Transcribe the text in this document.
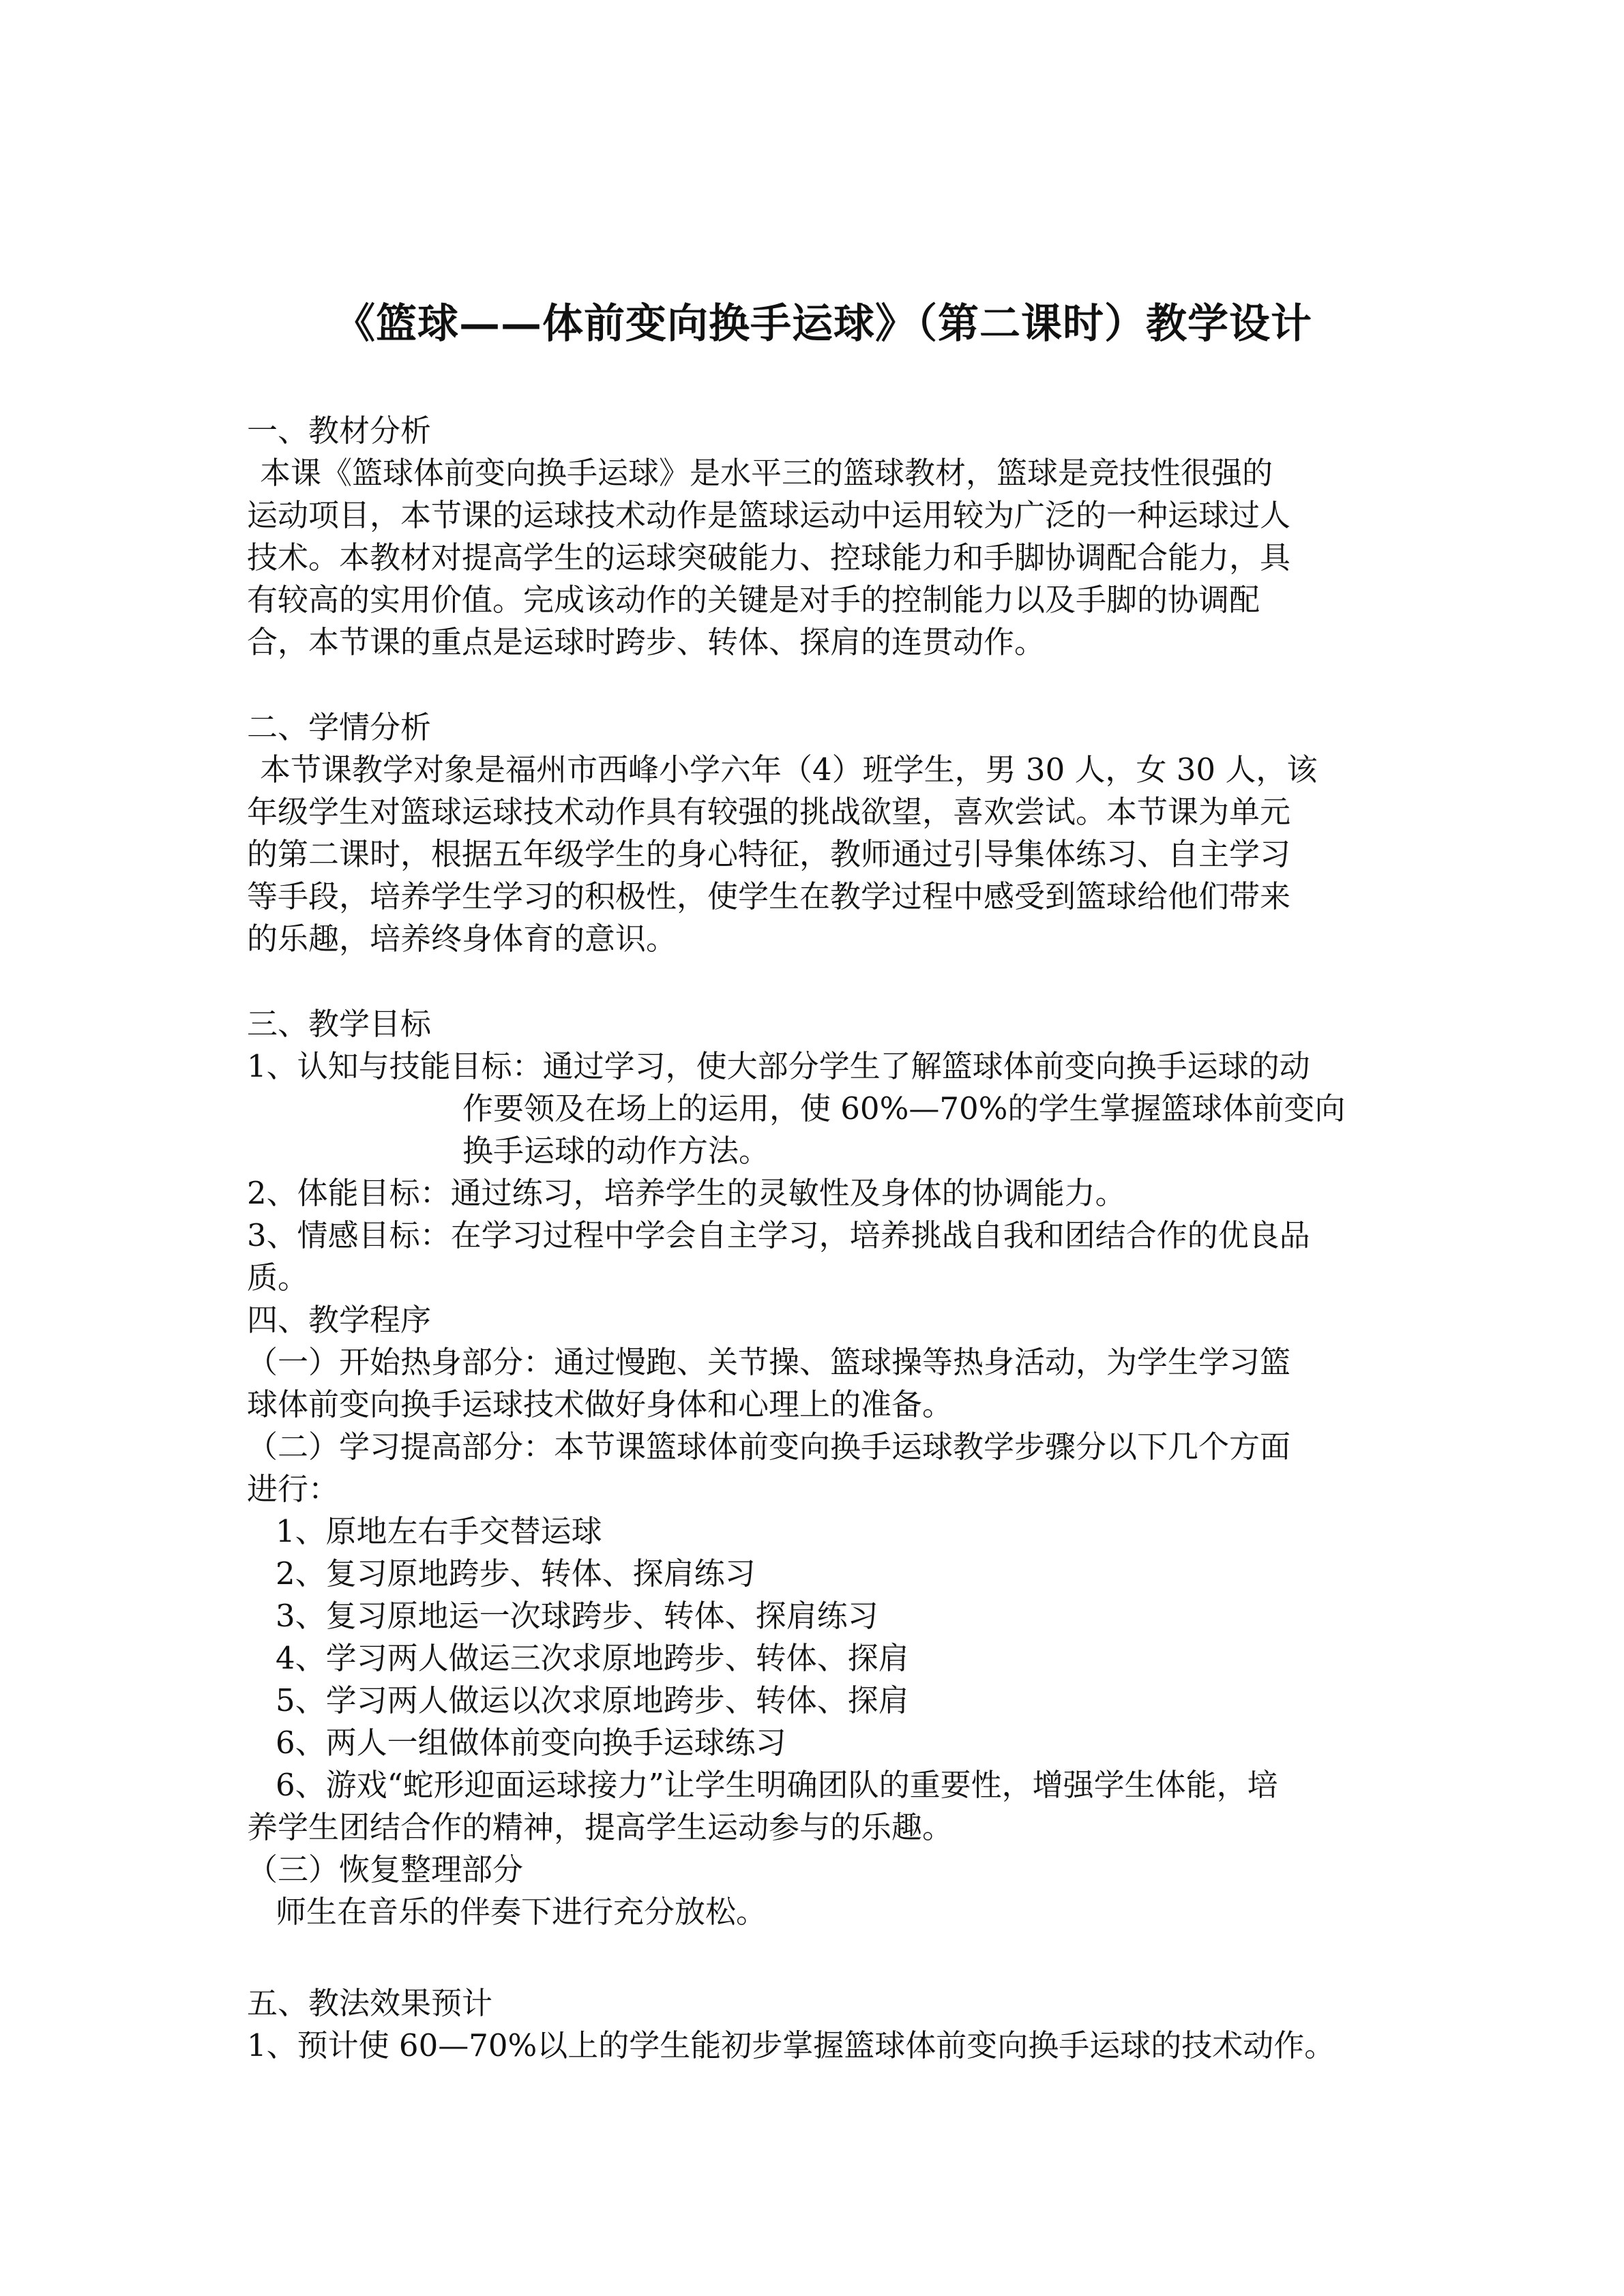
《篮球——体前变向换手运球》（第二课时）教学设计
一、教材分析
本课《篮球体前变向换手运球》是水平三的篮球教材，篮球是竞技性很强的
运动项目，本节课的运球技术动作是篮球运动中运用较为广泛的一种运球过人
技术。本教材对提高学生的运球突破能力、控球能力和手脚协调配合能力，具
有较高的实用价值。完成该动作的关键是对手的控制能力以及手脚的协调配
合，本节课的重点是运球时跨步、转体、探肩的连贯动作。
二、学情分析
本节课教学对象是福州市西峰小学六年（4）班学生，男 30 人，女 30 人，该
年级学生对篮球运球技术动作具有较强的挑战欲望，喜欢尝试。本节课为单元
的第二课时，根据五年级学生的身心特征，教师通过引导集体练习、自主学习
等手段，培养学生学习的积极性，使学生在教学过程中感受到篮球给他们带来
的乐趣，培养终身体育的意识。
三、教学目标
1、认知与技能目标：通过学习，使大部分学生了解篮球体前变向换手运球的动
作要领及在场上的运用，使 60%—70%的学生掌握篮球体前变向
换手运球的动作方法。
2、体能目标：通过练习，培养学生的灵敏性及身体的协调能力。
3、情感目标：在学习过程中学会自主学习，培养挑战自我和团结合作的优良品
质。
四、教学程序
（一）开始热身部分：通过慢跑、关节操、篮球操等热身活动，为学生学习篮
球体前变向换手运球技术做好身体和心理上的准备。
（二）学习提高部分：本节课篮球体前变向换手运球教学步骤分以下几个方面
进行：
1、原地左右手交替运球
2、复习原地跨步、转体、探肩练习
3、复习原地运一次球跨步、转体、探肩练习
4、学习两人做运三次求原地跨步、转体、探肩
5、学习两人做运以次求原地跨步、转体、探肩
6、两人一组做体前变向换手运球练习
6、游戏“蛇形迎面运球接力”让学生明确团队的重要性，增强学生体能，培
养学生团结合作的精神，提高学生运动参与的乐趣。
（三）恢复整理部分
师生在音乐的伴奏下进行充分放松。
五、教法效果预计
1、预计使 60—70%以上的学生能初步掌握篮球体前变向换手运球的技术动作。
